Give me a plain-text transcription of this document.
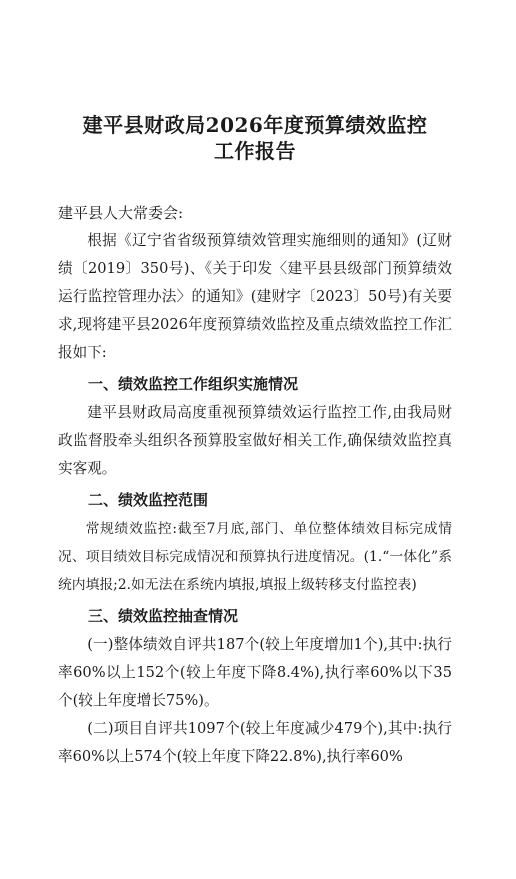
建平县财政局2026年度预算绩效监控
工作报告
建平县人大常委会:

根据《辽宁省省级预算绩效管理实施细则的通知》(辽财绩〔2019〕350号)、《关于印发〈建平县县级部门预算绩效运行监控管理办法〉的通知》(建财字〔2023〕50号)有关要求,现将建平县2026年度预算绩效监控及重点绩效监控工作汇报如下:

一、绩效监控工作组织实施情况

建平县财政局高度重视预算绩效运行监控工作,由我局财政监督股牵头组织各预算股室做好相关工作,确保绩效监控真实客观。

二、绩效监控范围

常规绩效监控:截至7月底,部门、单位整体绩效目标完成情况、项目绩效目标完成情况和预算执行进度情况。(1.“一体化”系统内填报;2.如无法在系统内填报,填报上级转移支付监控表)

三、绩效监控抽查情况

(一)整体绩效自评共187个(较上年度增加1个),其中:执行率60%以上152个(较上年度下降8.4%),执行率60%以下35个(较上年度增长75%)。

(二)项目自评共1097个(较上年度减少479个),其中:执行率60%以上574个(较上年度下降22.8%),执行率60%
